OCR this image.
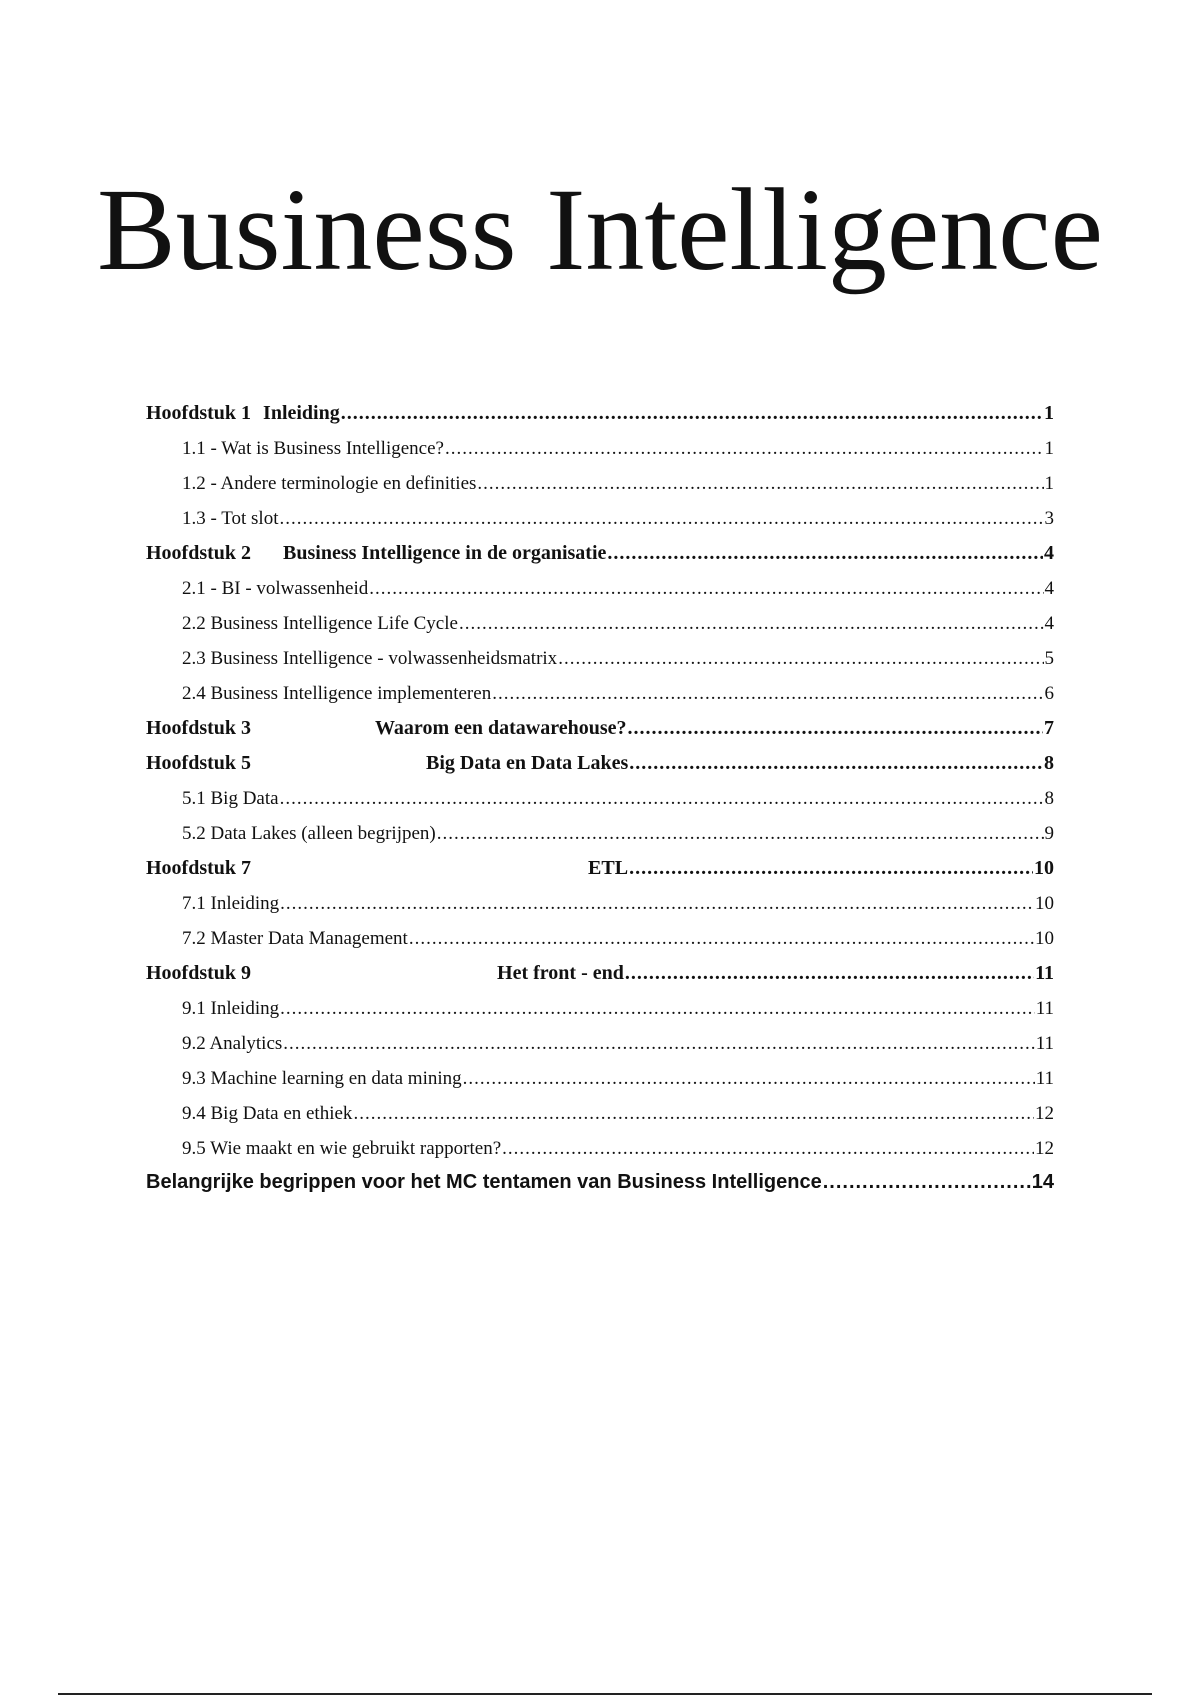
Business Intelligence
Hoofdstuk 1 Inleiding .....	1
1.1 - Wat is Business Intelligence? .....	1
1.2 - Andere terminologie en definities .....	1
1.3 - Tot slot .....	3
Hoofdstuk 2 Business Intelligence in de organisatie .....	4
2.1 - BI - volwassenheid .....	4
2.2 Business Intelligence Life Cycle .....	4
2.3 Business Intelligence - volwassenheidsmatrix .....	5
2.4 Business Intelligence implementeren .....	6
Hoofdstuk 3	Waarom een datawarehouse? .....	7
Hoofdstuk 5	Big Data en Data Lakes .....	8
5.1 Big Data .....	8
5.2 Data Lakes (alleen begrijpen) .....	9
Hoofdstuk 7	ETL .....	10
7.1 Inleiding .....	10
7.2 Master Data Management .....	10
Hoofdstuk 9	Het front - end .....	11
9.1 Inleiding .....	11
9.2 Analytics .....	11
9.3 Machine learning en data mining .....	11
9.4 Big Data en ethiek .....	12
9.5 Wie maakt en wie gebruikt rapporten? .....	12
Belangrijke begrippen voor het MC tentamen van Business Intelligence .....	14
